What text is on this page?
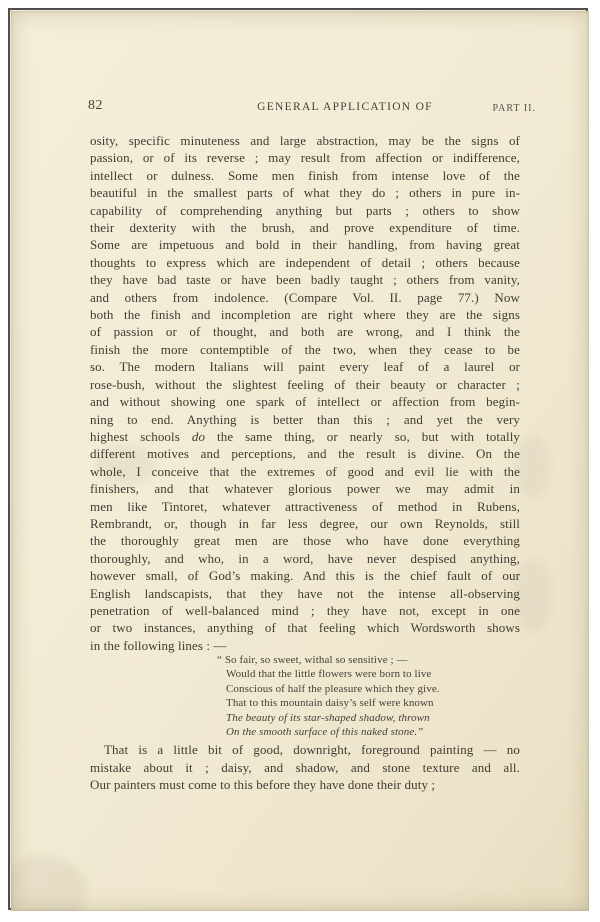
82	GENERAL APPLICATION OF	PART II.
osity, specific minuteness and large abstraction, may be the signs of
passion, or of its reverse ; may result from affection or indifference,
intellect or dulness. Some men finish from intense love of the
beautiful in the smallest parts of what they do ; others in pure in-
capability of comprehending anything but parts ; others to show
their dexterity with the brush, and prove expenditure of time.
Some are impetuous and bold in their handling, from having great
thoughts to express which are independent of detail ; others because
they have bad taste or have been badly taught ; others from vanity,
and others from indolence. (Compare Vol. II. page 77.) Now
both the finish and incompletion are right where they are the signs
of passion or of thought, and both are wrong, and I think the
finish the more contemptible of the two, when they cease to be
so. The modern Italians will paint every leaf of a laurel or
rose-bush, without the slightest feeling of their beauty or character ;
and without showing one spark of intellect or affection from begin-
ning to end. Anything is better than this ; and yet the very
highest schools do the same thing, or nearly so, but with totally
different motives and perceptions, and the result is divine. On the
whole, I conceive that the extremes of good and evil lie with the
finishers, and that whatever glorious power we may admit in
men like Tintoret, whatever attractiveness of method in Rubens,
Rembrandt, or, though in far less degree, our own Reynolds, still
the thoroughly great men are those who have done everything
thoroughly, and who, in a word, have never despised anything,
however small, of God’s making. And this is the chief fault of our
English landscapists, that they have not the intense all-observing
penetration of well-balanced mind ; they have not, except in one
or two instances, anything of that feeling which Wordsworth shows
in the following lines : —
“ So fair, so sweet, withal so sensitive ; —
Would that the little flowers were born to live
Conscious of half the pleasure which they give.
That to this mountain daisy’s self were known
The beauty of its star-shaped shadow, thrown
On the smooth surface of this naked stone.”
That is a little bit of good, downright, foreground painting — no
mistake about it ; daisy, and shadow, and stone texture and all.
Our painters must come to this before they have done their duty ;
